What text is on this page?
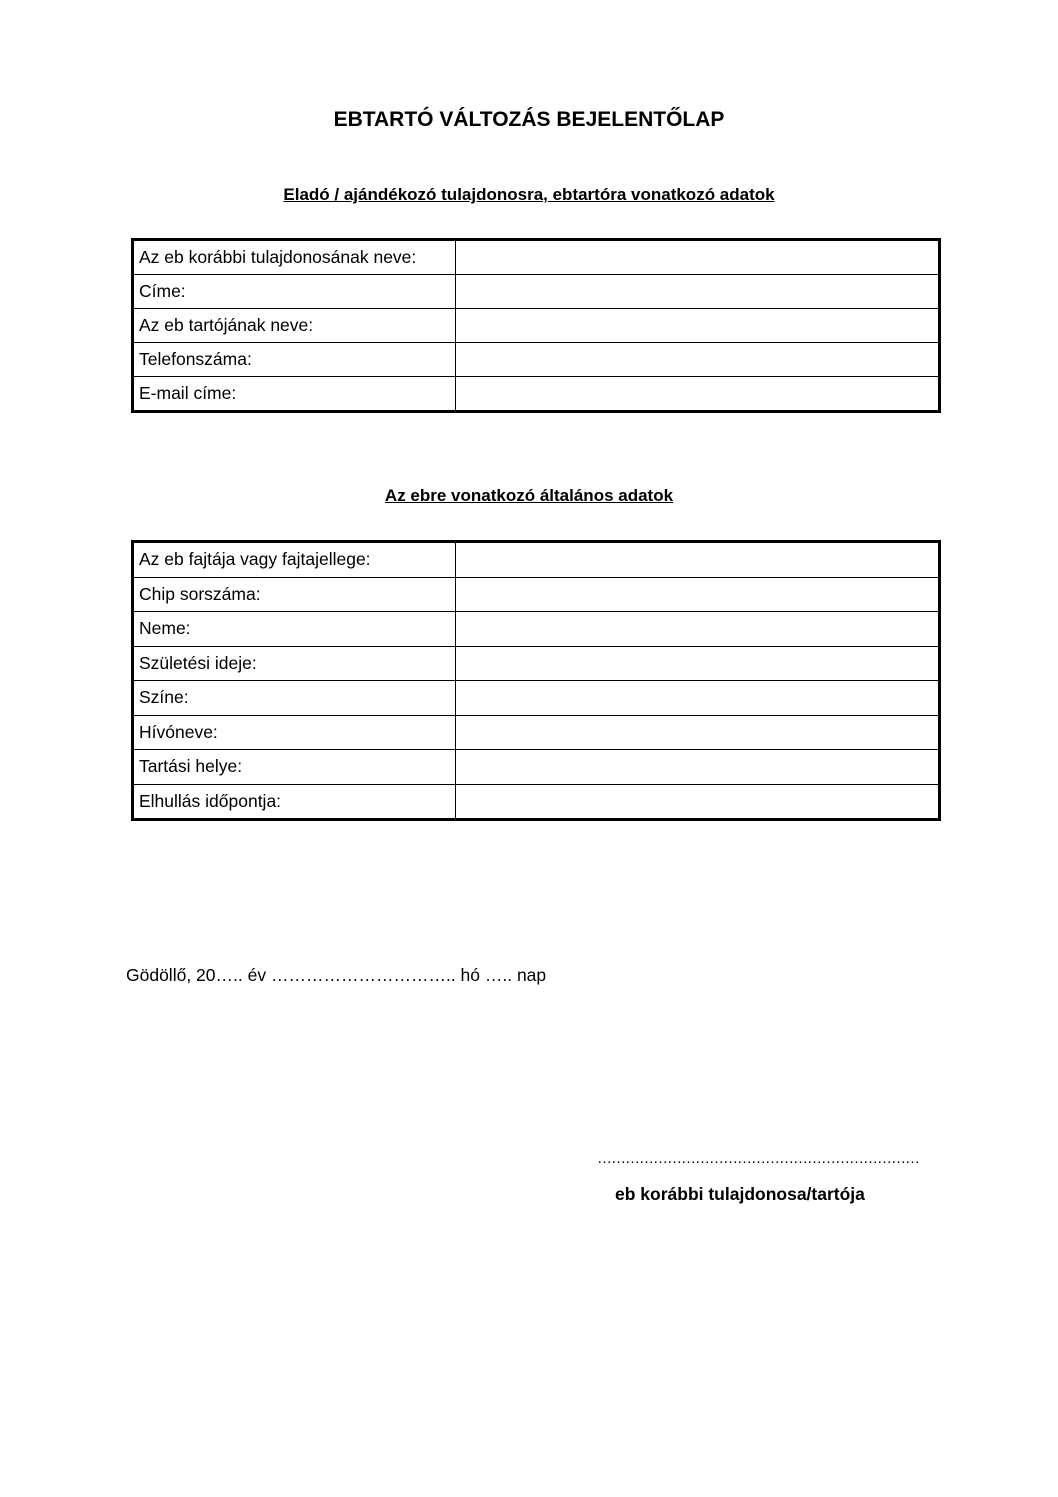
EBTARTÓ VÁLTOZÁS BEJELENTŐLAP
Eladó / ajándékozó tulajdonosra, ebtartóra vonatkozó adatok
Az eb korábbi tulajdonosának neve:	
Címe:	
Az eb tartójának neve:	
Telefonszáma:	
E-mail címe:	
Az ebre vonatkozó általános adatok
Az eb fajtája vagy fajtajellege:	
Chip sorszáma:	
Neme:	
Születési ideje:	
Színe:	
Hívóneve:	
Tartási helye:	
Elhullás időpontja:	
Gödöllő, 20….. év ………………………….. hó ….. nap
……………………………………………………………
eb korábbi tulajdonosa/tartója
